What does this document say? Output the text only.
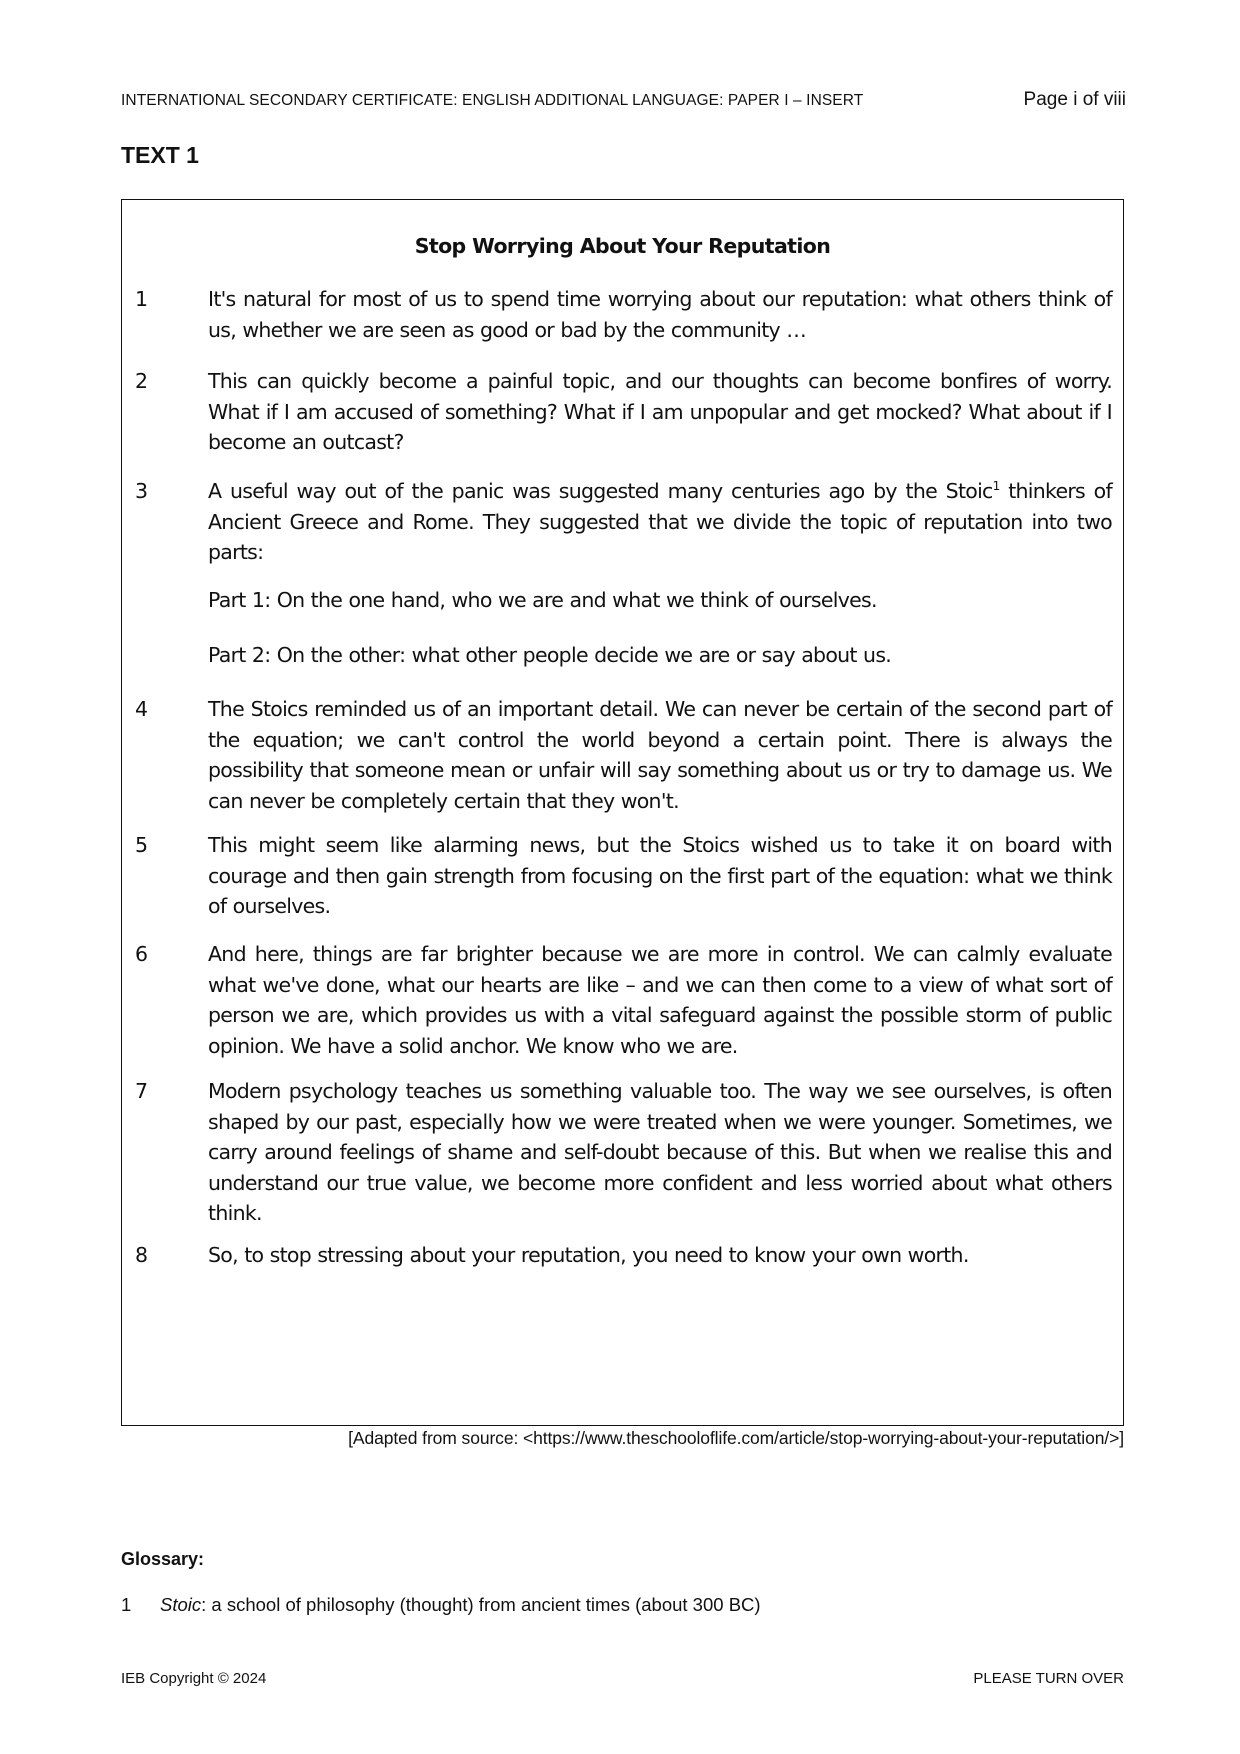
INTERNATIONAL SECONDARY CERTIFICATE: ENGLISH ADDITIONAL LANGUAGE: PAPER I – INSERT	Page i of viii
TEXT 1
Stop Worrying About Your Reputation
1	It's natural for most of us to spend time worrying about our reputation: what others think of us, whether we are seen as good or bad by the community …
2	This can quickly become a painful topic, and our thoughts can become bonfires of worry. What if I am accused of something? What if I am unpopular and get mocked? What about if I become an outcast?
3	A useful way out of the panic was suggested many centuries ago by the Stoic$^1$ thinkers of Ancient Greece and Rome. They suggested that we divide the topic of reputation into two parts:
Part 1: On the one hand, who we are and what we think of ourselves.
Part 2: On the other: what other people decide we are or say about us.
4	The Stoics reminded us of an important detail. We can never be certain of the second part of the equation; we can't control the world beyond a certain point. There is always the possibility that someone mean or unfair will say something about us or try to damage us. We can never be completely certain that they won't.
5	This might seem like alarming news, but the Stoics wished us to take it on board with courage and then gain strength from focusing on the first part of the equation: what we think of ourselves.
6	And here, things are far brighter because we are more in control. We can calmly evaluate what we've done, what our hearts are like – and we can then come to a view of what sort of person we are, which provides us with a vital safeguard against the possible storm of public opinion. We have a solid anchor. We know who we are.
7	Modern psychology teaches us something valuable too. The way we see ourselves, is often shaped by our past, especially how we were treated when we were younger. Sometimes, we carry around feelings of shame and self-doubt because of this. But when we realise this and understand our true value, we become more confident and less worried about what others think.
8	So, to stop stressing about your reputation, you need to know your own worth.
[Adapted from source: <https://www.theschooloflife.com/article/stop-worrying-about-your-reputation/>]
Glossary:
1 Stoic: a school of philosophy (thought) from ancient times (about 300 BC)
IEB Copyright © 2024	PLEASE TURN OVER
